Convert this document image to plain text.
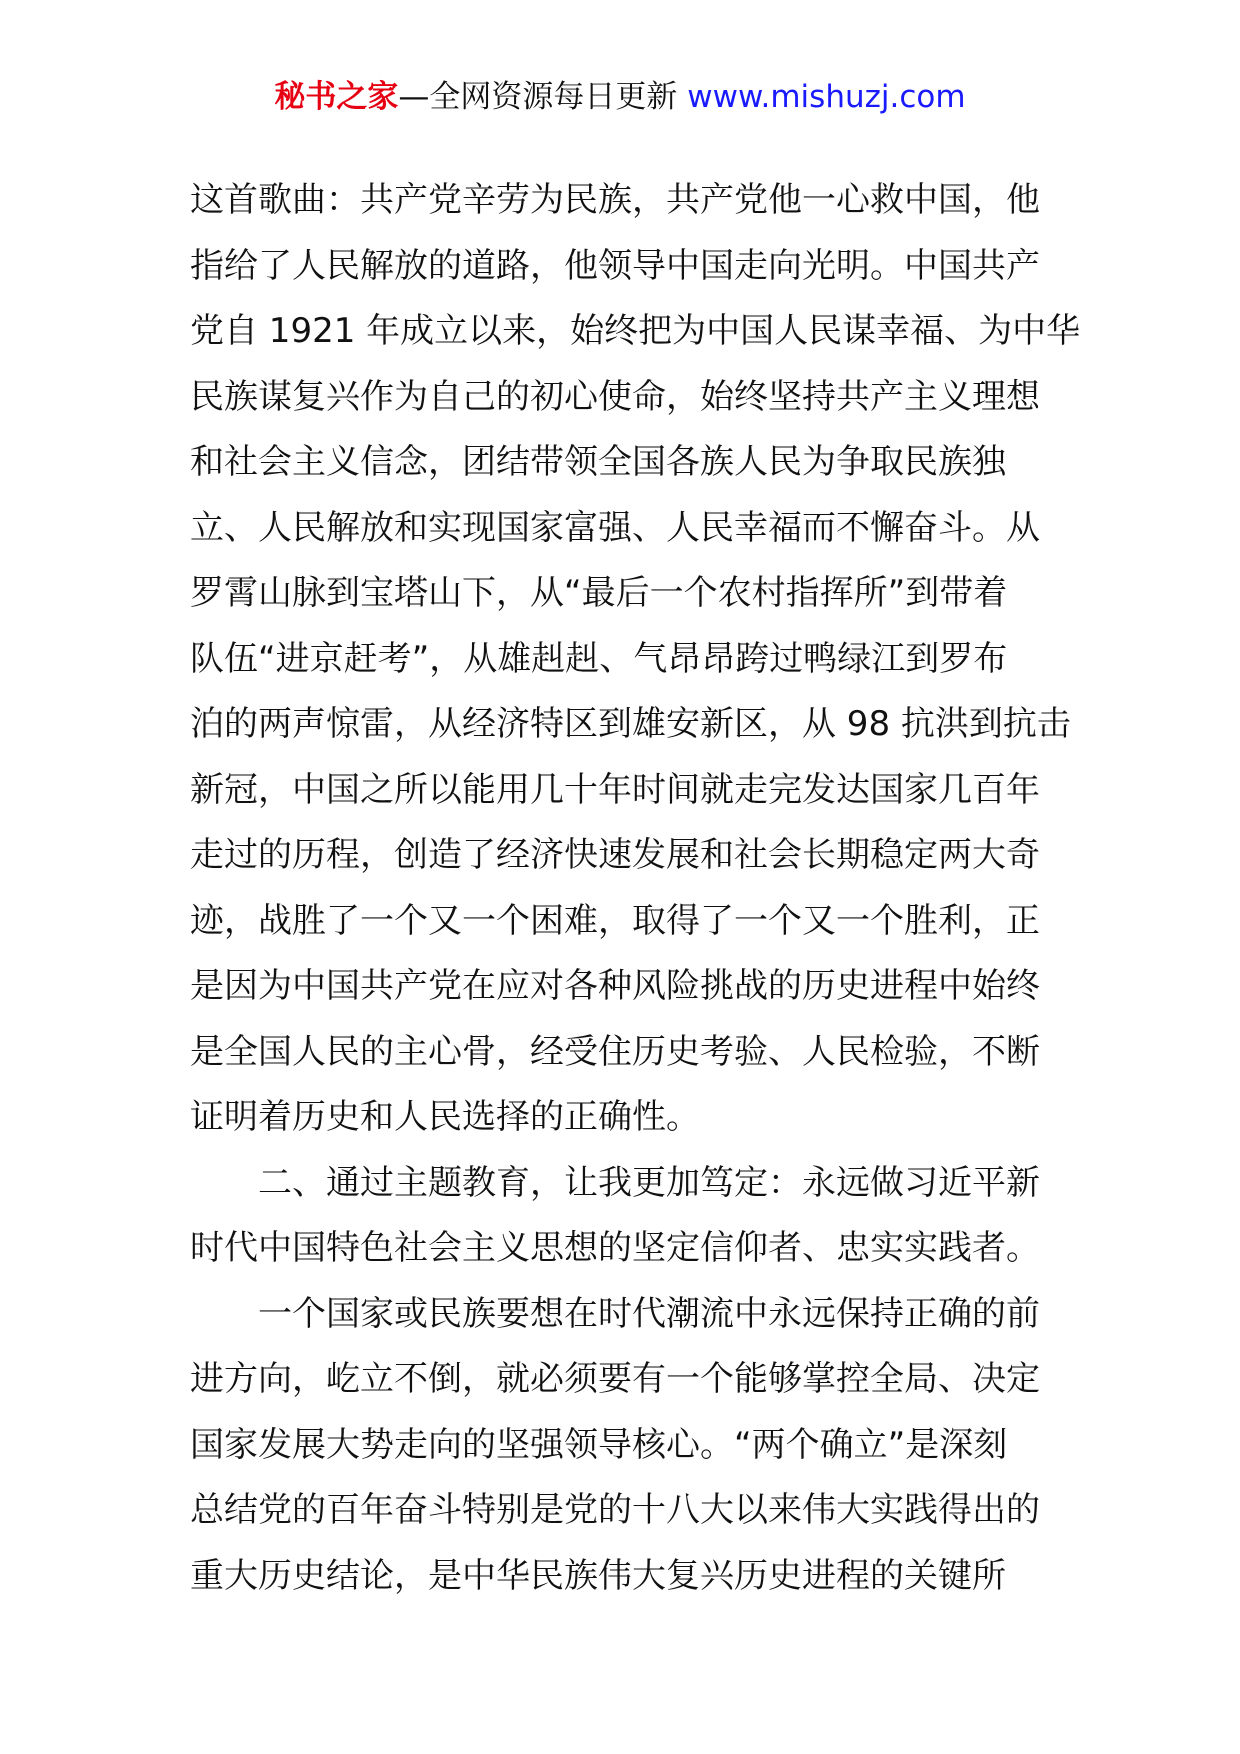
秘书之家—全网资源每日更新 www.mishuzj.com
这首歌曲：共产党辛劳为民族，共产党他一心救中国，他
指给了人民解放的道路，他领导中国走向光明。中国共产
党自 1921 年成立以来，始终把为中国人民谋幸福、为中华
民族谋复兴作为自己的初心使命，始终坚持共产主义理想
和社会主义信念，团结带领全国各族人民为争取民族独
立、人民解放和实现国家富强、人民幸福而不懈奋斗。从
罗霄山脉到宝塔山下，从“最后一个农村指挥所”到带着
队伍“进京赶考”，从雄赳赳、气昂昂跨过鸭绿江到罗布
泊的两声惊雷，从经济特区到雄安新区，从 98 抗洪到抗击
新冠，中国之所以能用几十年时间就走完发达国家几百年
走过的历程，创造了经济快速发展和社会长期稳定两大奇
迹，战胜了一个又一个困难，取得了一个又一个胜利，正
是因为中国共产党在应对各种风险挑战的历史进程中始终
是全国人民的主心骨，经受住历史考验、人民检验，不断
证明着历史和人民选择的正确性。
二、通过主题教育，让我更加笃定：永远做习近平新
时代中国特色社会主义思想的坚定信仰者、忠实实践者。
一个国家或民族要想在时代潮流中永远保持正确的前
进方向，屹立不倒，就必须要有一个能够掌控全局、决定
国家发展大势走向的坚强领导核心。“两个确立”是深刻
总结党的百年奋斗特别是党的十八大以来伟大实践得出的
重大历史结论，是中华民族伟大复兴历史进程的关键所
